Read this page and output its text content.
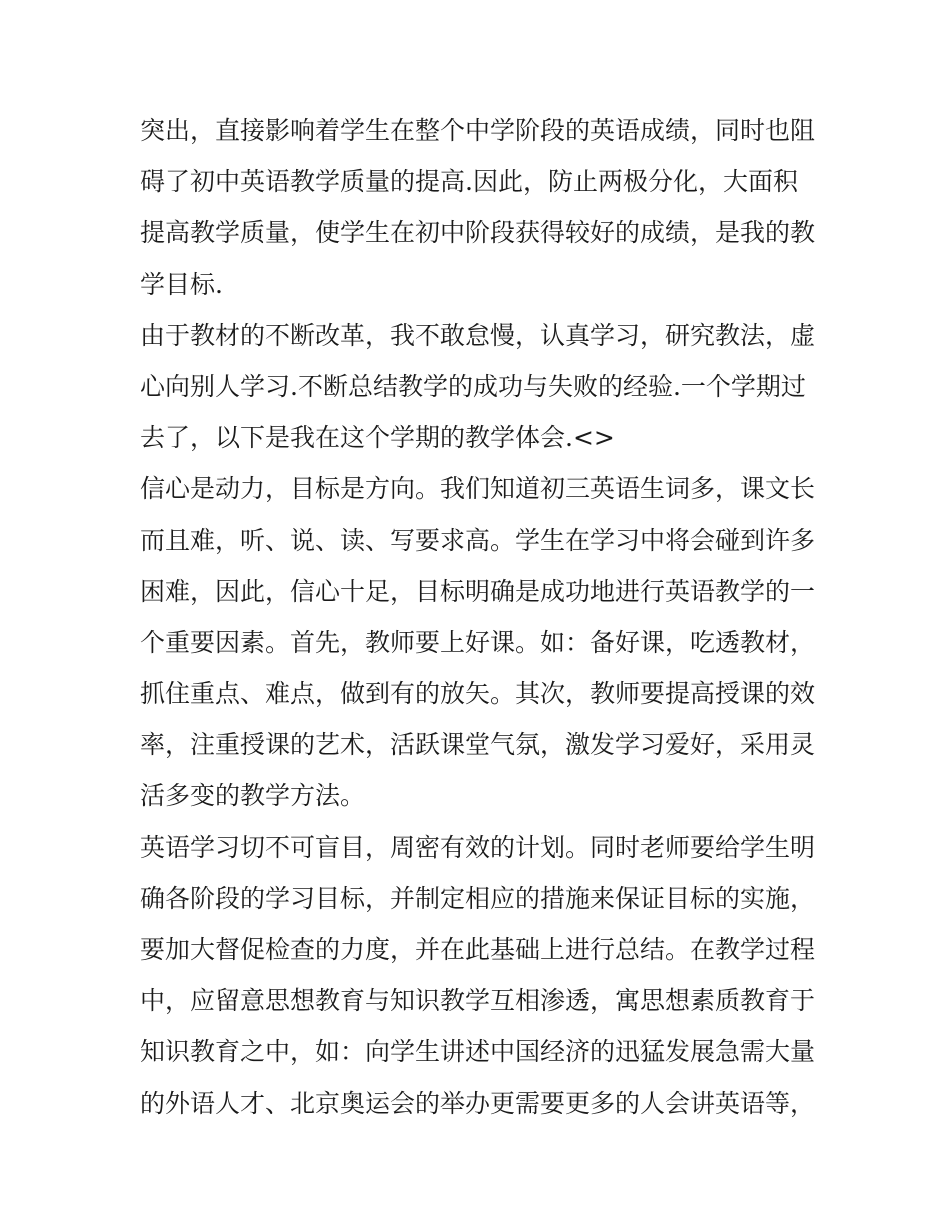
突出，直接影响着学生在整个中学阶段的英语成绩，同时也阻
碍了初中英语教学质量的提高.因此，防止两极分化，大面积
提高教学质量，使学生在初中阶段获得较好的成绩，是我的教
学目标.
由于教材的不断改革，我不敢怠慢，认真学习，研究教法，虚
心向别人学习.不断总结教学的成功与失败的经验.一个学期过
去了，以下是我在这个学期的教学体会.<>
信心是动力，目标是方向。我们知道初三英语生词多，课文长
而且难，听、说、读、写要求高。学生在学习中将会碰到许多
困难，因此，信心十足，目标明确是成功地进行英语教学的一
个重要因素。首先，教师要上好课。如：备好课，吃透教材，
抓住重点、难点，做到有的放矢。其次，教师要提高授课的效
率，注重授课的艺术，活跃课堂气氛，激发学习爱好，采用灵
活多变的教学方法。
英语学习切不可盲目，周密有效的计划。同时老师要给学生明
确各阶段的学习目标，并制定相应的措施来保证目标的实施，
要加大督促检查的力度，并在此基础上进行总结。在教学过程
中，应留意思想教育与知识教学互相渗透，寓思想素质教育于
知识教育之中，如：向学生讲述中国经济的迅猛发展急需大量
的外语人才、北京奥运会的举办更需要更多的人会讲英语等，
